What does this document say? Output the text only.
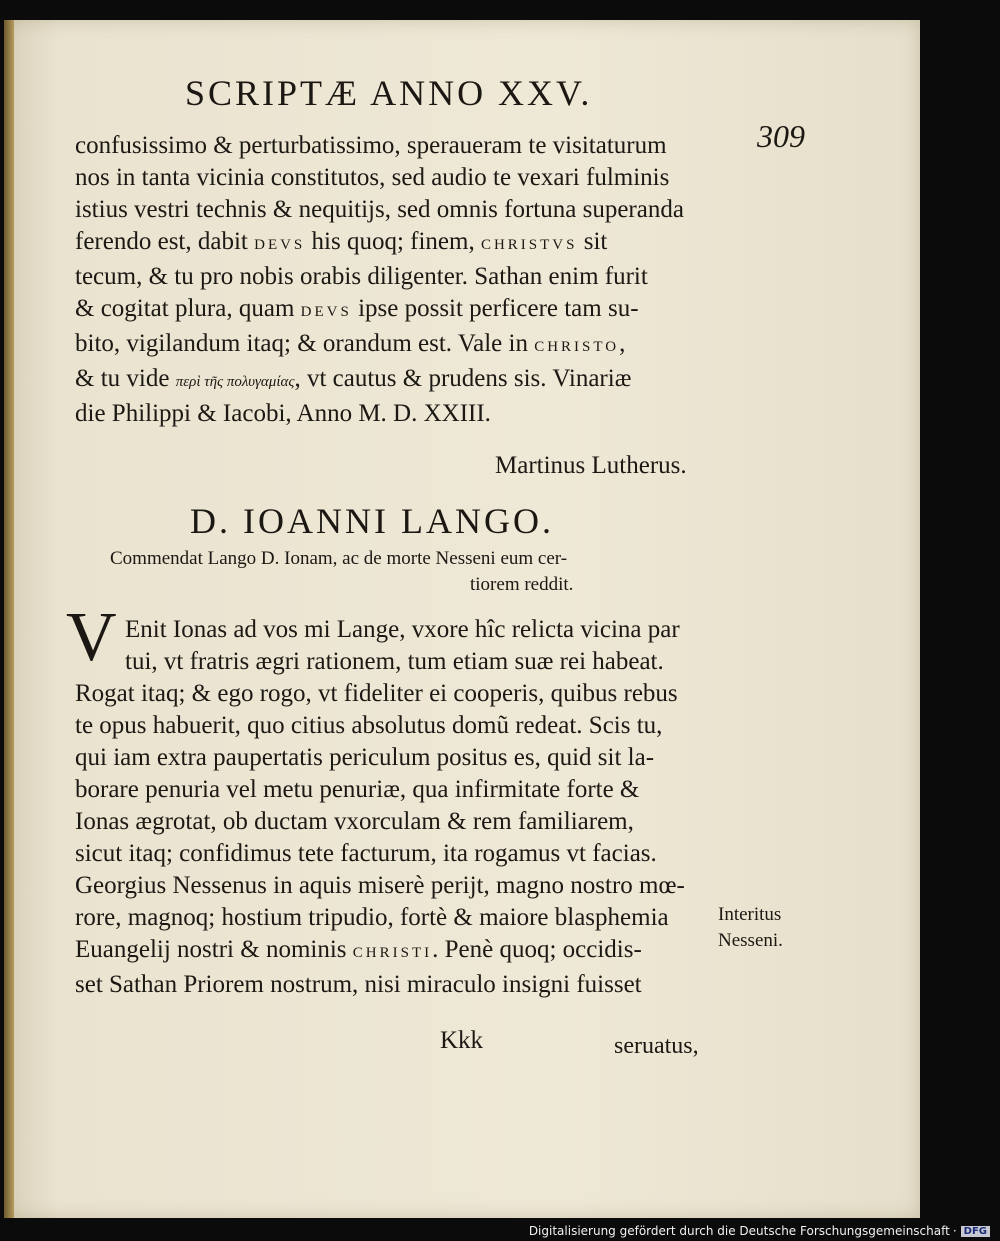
SCRIPTÆ ANNO XXV.
309
confusissimo & perturbatissimo, speraueram te visitaturum
nos in tanta vicinia constitutos, sed audio te vexari fulminis
istius vestri technis & nequitijs, sed omnis fortuna superanda
ferendo est, dabit DEVS his quoq; finem, CHRISTVS sit
tecum, & tu pro nobis orabis diligenter. Sathan enim furit
& cogitat plura, quam DEVS ipse possit perficere tam su-
bito, vigilandum itaq; & orandum est. Vale in CHRISTO,
& tu vide περὶ τῆς πολυγαμίας, vt cautus & prudens sis. Vinariæ
die Philippi & Iacobi, Anno M. D. XXIII.
Martinus Lutherus.
D. IOANNI LANGO.
Commendat Lango D. Ionam, ac de morte Nesseni eum cer-
tiorem reddit.
V Enit Ionas ad vos mi Lange, vxore hîc relicta vicina par
tui, vt fratris ægri rationem, tum etiam suæ rei habeat.
Rogat itaq; & ego rogo, vt fideliter ei cooperis, quibus rebus
te opus habuerit, quo citius absolutus domũ redeat. Scis tu,
qui iam extra paupertatis periculum positus es, quid sit la-
borare penuria vel metu penuriæ, qua infirmitate forte &
Ionas ægrotat, ob ductam vxorculam & rem familiarem,
sicut itaq; confidimus tete facturum, ita rogamus vt facias.
Georgius Nessenus in aquis miserè perijt, magno nostro mœ-
rore, magnoq; hostium tripudio, fortè & maiore blasphemia
Euangelij nostri & nominis CHRISTI. Penè quoq; occidis-
set Sathan Priorem nostrum, nisi miraculo insigni fuisset
Interitus
Nesseni.
Kkk	seruatus,
Digitalisierung gefördert durch die Deutsche Forschungsgemeinschaft · DFG
